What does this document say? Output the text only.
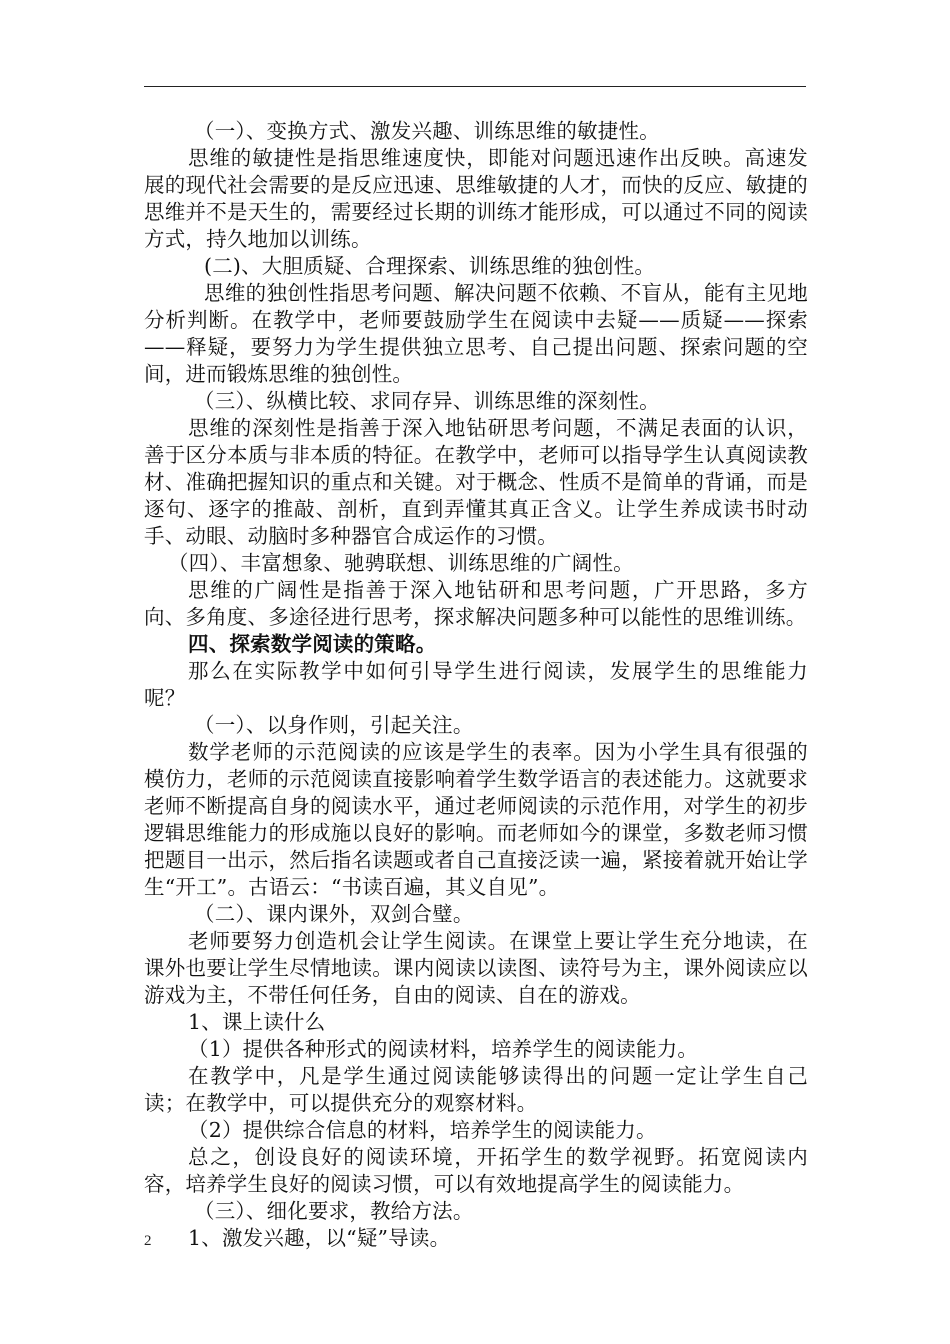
（一）、变换方式、激发兴趣、训练思维的敏捷性。

思维的敏捷性是指思维速度快，即能对问题迅速作出反映。高速发展的现代社会需要的是反应迅速、思维敏捷的人才，而快的反应、敏捷的思维并不是天生的，需要经过长期的训练才能形成，可以通过不同的阅读方式，持久地加以训练。

(二)、大胆质疑、合理探索、训练思维的独创性。

思维的独创性指思考问题、解决问题不依赖、不盲从，能有主见地分析判断。在教学中，老师要鼓励学生在阅读中去疑——质疑——探索——释疑，要努力为学生提供独立思考、自己提出问题、探索问题的空间，进而锻炼思维的独创性。

（三）、纵横比较、求同存异、训练思维的深刻性。

思维的深刻性是指善于深入地钻研思考问题，不满足表面的认识，善于区分本质与非本质的特征。在教学中，老师可以指导学生认真阅读教材、准确把握知识的重点和关键。对于概念、性质不是简单的背诵，而是逐句、逐字的推敲、剖析，直到弄懂其真正含义。让学生养成读书时动手、动眼、动脑时多种器官合成运作的习惯。

（四）、丰富想象、驰骋联想、训练思维的广阔性。

思维的广阔性是指善于深入地钻研和思考问题，广开思路，多方向、多角度、多途径进行思考，探求解决问题多种可以能性的思维训练。

四、探索数学阅读的策略。

那么在实际教学中如何引导学生进行阅读，发展学生的思维能力呢？

（一）、以身作则，引起关注。

数学老师的示范阅读的应该是学生的表率。因为小学生具有很强的模仿力，老师的示范阅读直接影响着学生数学语言的表述能力。这就要求老师不断提高自身的阅读水平，通过老师阅读的示范作用，对学生的初步逻辑思维能力的形成施以良好的影响。而老师如今的课堂，多数老师习惯把题目一出示，然后指名读题或者自己直接泛读一遍，紧接着就开始让学生“开工”。古语云：“书读百遍，其义自见”。

（二）、课内课外，双剑合璧。

老师要努力创造机会让学生阅读。在课堂上要让学生充分地读，在课外也要让学生尽情地读。课内阅读以读图、读符号为主，课外阅读应以游戏为主，不带任何任务，自由的阅读、自在的游戏。

1、课上读什么

（1）提供各种形式的阅读材料，培养学生的阅读能力。

在教学中，凡是学生通过阅读能够读得出的问题一定让学生自己读；在教学中，可以提供充分的观察材料。

（2）提供综合信息的材料，培养学生的阅读能力。

总之，创设良好的阅读环境，开拓学生的数学视野。拓宽阅读内容，培养学生良好的阅读习惯，可以有效地提高学生的阅读能力。

（三）、细化要求，教给方法。

1、激发兴趣，以“疑”导读。

2
